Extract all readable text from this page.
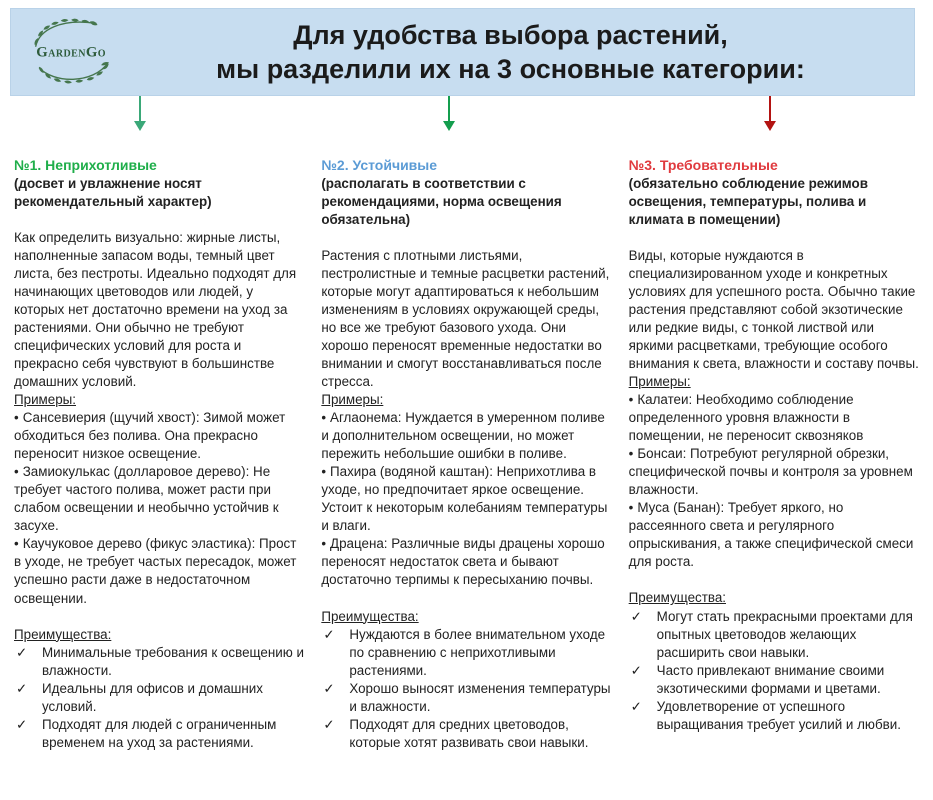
GardenGo
Для удобства выбора растений,
мы разделили их на 3 основные категории:

№1. Неприхотливые

(досвет и увлажнение носят рекомендательный характер)

Как определить визуально: жирные листы, наполненные запасом воды, темный цвет листа, без пестроты. Идеально подходят для начинающих цветоводов или людей, у которых нет достаточно времени на уход за растениями. Они обычно не требуют специфических условий для роста и прекрасно себя чувствуют в большинстве домашних условий.

Примеры:

• Сансевиерия (щучий хвост): Зимой может обходиться без полива. Она прекрасно переносит низкое освещение.

• Замиокулькас (долларовое дерево): Не требует частого полива, может расти при слабом освещении и необычно устойчив к засухе.

• Каучуковое дерево (фикус эластика): Прост в уходе, не требует частых пересадок, может успешно расти даже в недостаточном освещении.

Преимущества:

✓ Минимальные требования к освещению и влажности.
✓ Идеальны для офисов и домашних условий.
✓ Подходят для людей с ограниченным временем на уход за растениями.

№2. Устойчивые

(располагать в соответствии с рекомендациями, норма освещения обязательна)

Растения с плотными листьями, пестролистные и темные расцветки растений, которые могут адаптироваться к небольшим изменениям в условиях окружающей среды, но все же требуют базового ухода. Они хорошо переносят временные недостатки во внимании и смогут восстанавливаться после стресса.

Примеры:

• Аглаонема: Нуждается в умеренном поливе и дополнительном освещении, но может пережить небольшие ошибки в поливе.

• Пахира (водяной каштан): Неприхотлива в уходе, но предпочитает яркое освещение. Устоит к некоторым колебаниям температуры и влаги.

• Драцена: Различные виды драцены хорошо переносят недостаток света и бывают достаточно терпимы к пересыханию почвы.

Преимущества:

✓ Нуждаются в более внимательном уходе по сравнению с неприхотливыми растениями.
✓ Хорошо выносят изменения температуры и влажности.
✓ Подходят для средних цветоводов, которые хотят развивать свои навыки.

№3. Требовательные

(обязательно соблюдение режимов освещения, температуры, полива и климата в помещении)

Виды, которые нуждаются в специализированном уходе и конкретных условиях для успешного роста. Обычно такие растения представляют собой экзотические или редкие виды, с тонкой листвой или яркими расцветками, требующие особого внимания к света, влажности и составу почвы.

Примеры:

• Калатеи: Необходимо соблюдение определенного уровня влажности в помещении, не переносит сквозняков

• Бонсаи: Потребуют регулярной обрезки, специфической почвы и контроля за уровнем влажности.

• Муса (Банан): Требует яркого, но рассеянного света и регулярного опрыскивания, а также специфической смеси для роста.

Преимущества:

✓ Могут стать прекрасными проектами для опытных цветоводов желающих расширить свои навыки.
✓ Часто привлекают внимание своими экзотическими формами и цветами.
✓ Удовлетворение от успешного выращивания требует усилий и любви.
